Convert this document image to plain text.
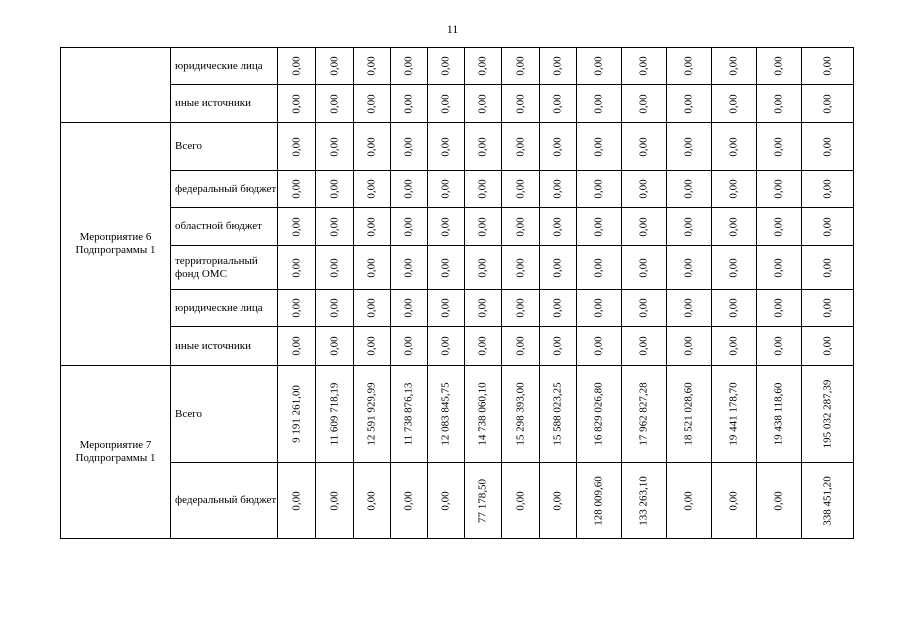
11
	юридические лица	0,00	0,00	0,00	0,00	0,00	0,00	0,00	0,00	0,00	0,00	0,00	0,00	0,00	0,00

	иные источники	0,00	0,00	0,00	0,00	0,00	0,00	0,00	0,00	0,00	0,00	0,00	0,00	0,00	0,00

Мероприятие 6 Подпрограммы 1	Всего	0,00	0,00	0,00	0,00	0,00	0,00	0,00	0,00	0,00	0,00	0,00	0,00	0,00	0,00

	федеральный бюджет	0,00	0,00	0,00	0,00	0,00	0,00	0,00	0,00	0,00	0,00	0,00	0,00	0,00	0,00

	областной бюджет	0,00	0,00	0,00	0,00	0,00	0,00	0,00	0,00	0,00	0,00	0,00	0,00	0,00	0,00

	территориальный фонд ОМС	0,00	0,00	0,00	0,00	0,00	0,00	0,00	0,00	0,00	0,00	0,00	0,00	0,00	0,00

	юридические лица	0,00	0,00	0,00	0,00	0,00	0,00	0,00	0,00	0,00	0,00	0,00	0,00	0,00	0,00

	иные источники	0,00	0,00	0,00	0,00	0,00	0,00	0,00	0,00	0,00	0,00	0,00	0,00	0,00	0,00

Мероприятие 7 Подпрограммы 1	Всего	9 191 261,00	11 609 718,19	12 591 929,99	11 738 876,13	12 083 845,75	14 738 060,10	15 298 393,00	15 588 023,25	16 829 026,80	17 962 827,28	18 521 028,60	19 441 178,70	19 438 118,60	195 032 287,39

	федеральный бюджет	0,00	0,00	0,00	0,00	0,00	77 178,50	0,00	0,00	128 009,60	133 263,10	0,00	0,00	0,00	338 451,20
